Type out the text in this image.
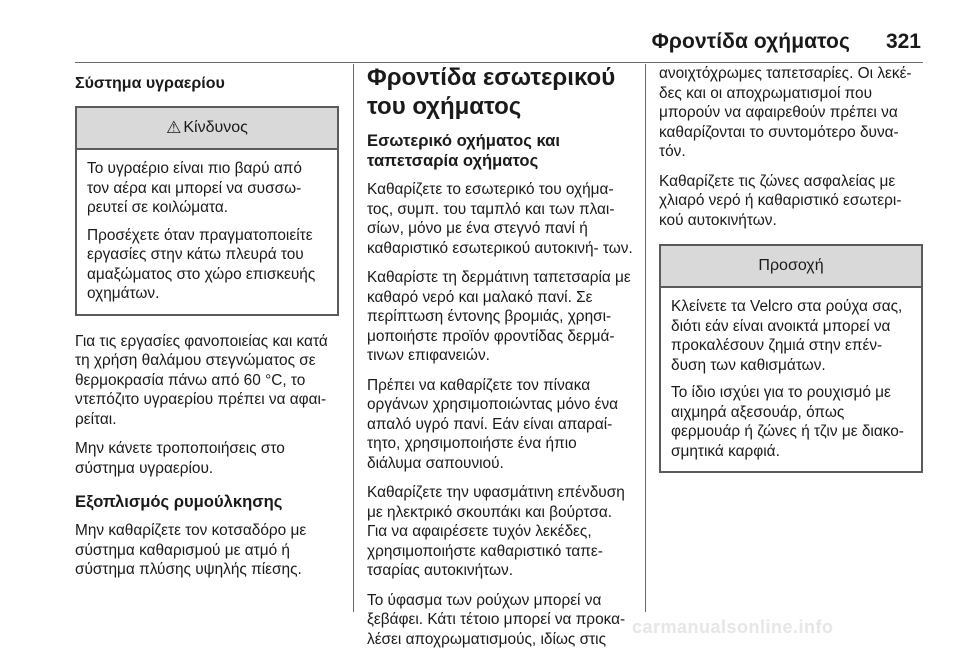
Φροντίδα οχήματος	321
Σύστημα υγραερίου
⚠ Κίνδυνος

Το υγραέριο είναι πιο βαρύ από τον αέρα και μπορεί να συσσω- ρευτεί σε κοιλώματα.

Προσέχετε όταν πραγματοποιείτε εργασίες στην κάτω πλευρά του αμαξώματος στο χώρο επισκευής οχημάτων.

Για τις εργασίες φανοποιείας και κατά τη χρήση θαλάμου στεγνώματος σε θερμοκρασία πάνω από 60 °C, το ντεπόζιτο υγραερίου πρέπει να αφαι- ρείται.

Μην κάνετε τροποποιήσεις στο σύστημα υγραερίου.

Εξοπλισμός ρυμούλκησης

Μην καθαρίζετε τον κοτσαδόρο με σύστημα καθαρισμού με ατμό ή σύστημα πλύσης υψηλής πίεσης.

Φροντίδα εσωτερικού του οχήματος
Εσωτερικό οχήματος και ταπετσαρία οχήματος

Καθαρίζετε το εσωτερικό του οχήμα- τος, συμπ. του ταμπλό και των πλαι- σίων, μόνο με ένα στεγνό πανί ή καθαριστικό εσωτερικού αυτοκινή- των.

Καθαρίστε τη δερμάτινη ταπετσαρία με καθαρό νερό και μαλακό πανί. Σε περίπτωση έντονης βρομιάς, χρησι- μοποιήστε προϊόν φροντίδας δερμά- τινων επιφανειών.

Πρέπει να καθαρίζετε τον πίνακα οργάνων χρησιμοποιώντας μόνο ένα απαλό υγρό πανί. Εάν είναι απαραί- τητο, χρησιμοποιήστε ένα ήπιο διάλυμα σαπουνιού.

Καθαρίζετε την υφασμάτινη επένδυση με ηλεκτρικό σκουπάκι και βούρτσα. Για να αφαιρέσετε τυχόν λεκέδες, χρησιμοποιήστε καθαριστικό ταπε- τσαρίας αυτοκινήτων.

Το ύφασμα των ρούχων μπορεί να ξεβάφει. Κάτι τέτοιο μπορεί να προκα- λέσει αποχρωματισμούς, ιδίως στις

ανοιχτόχρωμες ταπετσαρίες. Οι λεκέ- δες και οι αποχρωματισμοί που μπορούν να αφαιρεθούν πρέπει να καθαρίζονται το συντομότερο δυνα- τόν.

Καθαρίζετε τις ζώνες ασφαλείας με χλιαρό νερό ή καθαριστικό εσωτερι- κού αυτοκινήτων.

Προσοχή

Κλείνετε τα Velcro στα ρούχα σας, διότι εάν είναι ανοικτά μπορεί να προκαλέσουν ζημιά στην επέν- δυση των καθισμάτων.

Το ίδιο ισχύει για το ρουχισμό με αιχμηρά αξεσουάρ, όπως φερμουάρ ή ζώνες ή τζιν με διακο- σμητικά καρφιά.

carmanualsonline.info
